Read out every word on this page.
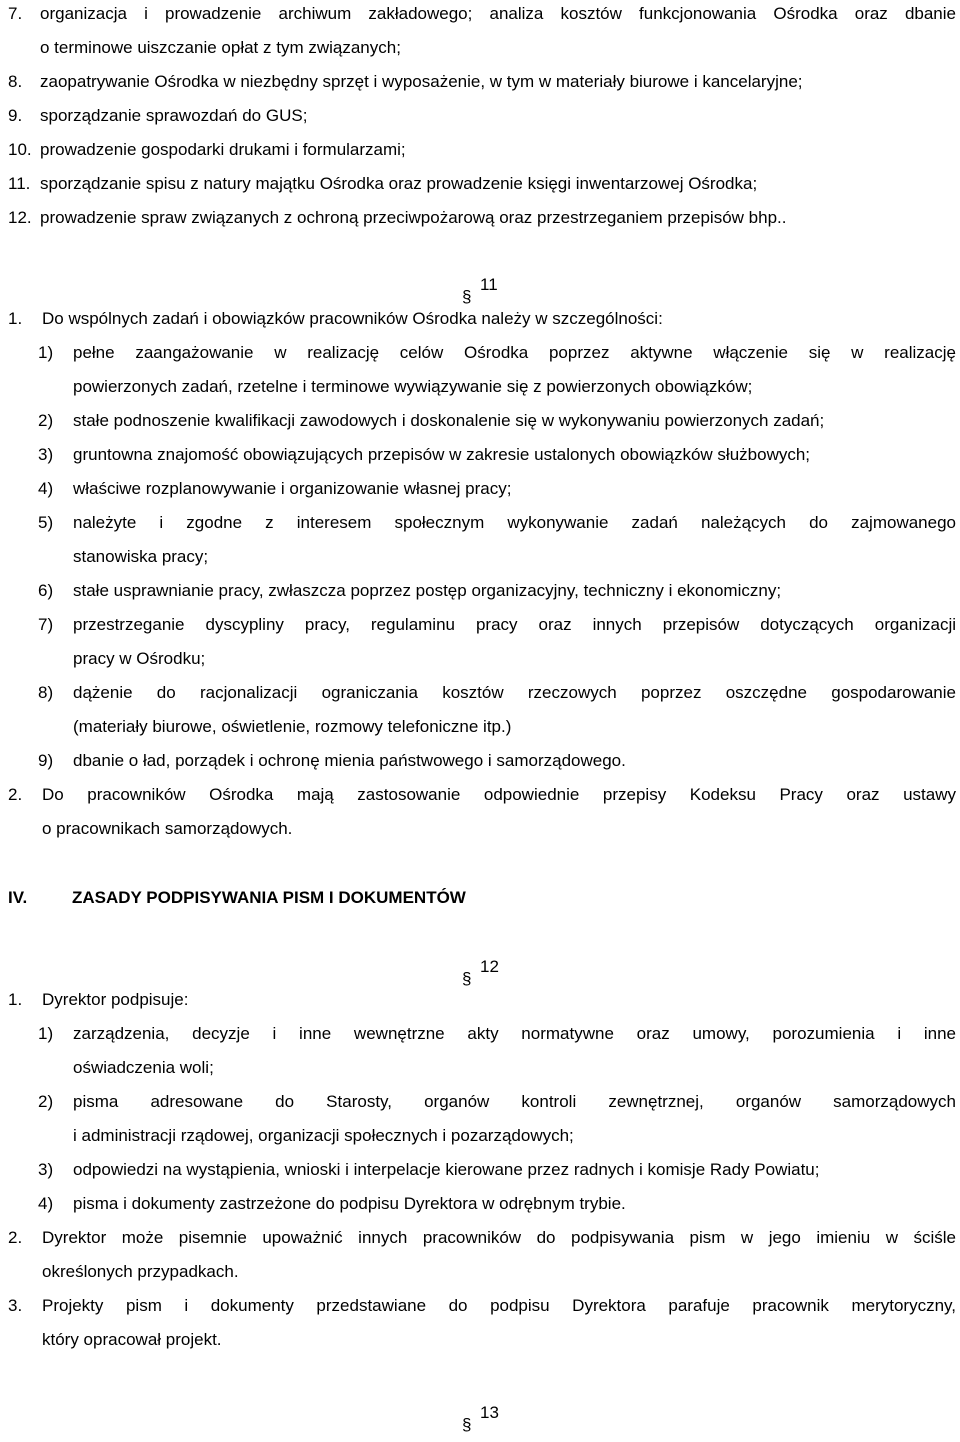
7. organizacja i prowadzenie archiwum zakładowego; analiza kosztów funkcjonowania Ośrodka oraz dbanie
o terminowe uiszczanie opłat z tym związanych;
8. zaopatrywanie Ośrodka w niezbędny sprzęt i wyposażenie, w tym w materiały biurowe i kancelaryjne;
9. sporządzanie sprawozdań do GUS;
10. prowadzenie gospodarki drukami i formularzami;
11. sporządzanie spisu z natury majątku Ośrodka oraz prowadzenie księgi inwentarzowej Ośrodka;
12. prowadzenie spraw związanych z ochroną przeciwpożarową oraz przestrzeganiem przepisów bhp..
§
11
1. Do wspólnych zadań i obowiązków pracowników Ośrodka należy w szczególności:
1) pełne zaangażowanie w realizację celów Ośrodka poprzez aktywne włączenie się w realizację
powierzonych zadań, rzetelne i terminowe wywiązywanie się z powierzonych obowiązków;
2) stałe podnoszenie kwalifikacji zawodowych i doskonalenie się w wykonywaniu powierzonych zadań;
3) gruntowna znajomość obowiązujących przepisów w zakresie ustalonych obowiązków służbowych;
4) właściwe rozplanowywanie i organizowanie własnej pracy;
5) należyte i zgodne z interesem społecznym wykonywanie zadań należących do zajmowanego
stanowiska pracy;
6) stałe usprawnianie pracy, zwłaszcza poprzez postęp organizacyjny, techniczny i ekonomiczny;
7) przestrzeganie dyscypliny pracy, regulaminu pracy oraz innych przepisów dotyczących organizacji
pracy w Ośrodku;
8) dążenie do racjonalizacji ograniczania kosztów rzeczowych poprzez oszczędne gospodarowanie
(materiały biurowe, oświetlenie, rozmowy telefoniczne itp.)
9) dbanie o ład, porządek i ochronę mienia państwowego i samorządowego.
2. Do pracowników Ośrodka mają zastosowanie odpowiednie przepisy Kodeksu Pracy oraz ustawy
o pracownikach samorządowych.
IV.	ZASADY PODPISYWANIA PISM I DOKUMENTÓW
§
12
1. Dyrektor podpisuje:
1) zarządzenia, decyzje i inne wewnętrzne akty normatywne oraz umowy, porozumienia i inne
oświadczenia woli;
2) pisma adresowane do Starosty, organów kontroli zewnętrznej, organów samorządowych
i administracji rządowej, organizacji społecznych i pozarządowych;
3) odpowiedzi na wystąpienia, wnioski i interpelacje kierowane przez radnych i komisje Rady Powiatu;
4) pisma i dokumenty zastrzeżone do podpisu Dyrektora w odrębnym trybie.
2. Dyrektor może pisemnie upoważnić innych pracowników do podpisywania pism w jego imieniu w ściśle
określonych przypadkach.
3. Projekty pism i dokumenty przedstawiane do podpisu Dyrektora parafuje pracownik merytoryczny,
który opracował projekt.
§
13
